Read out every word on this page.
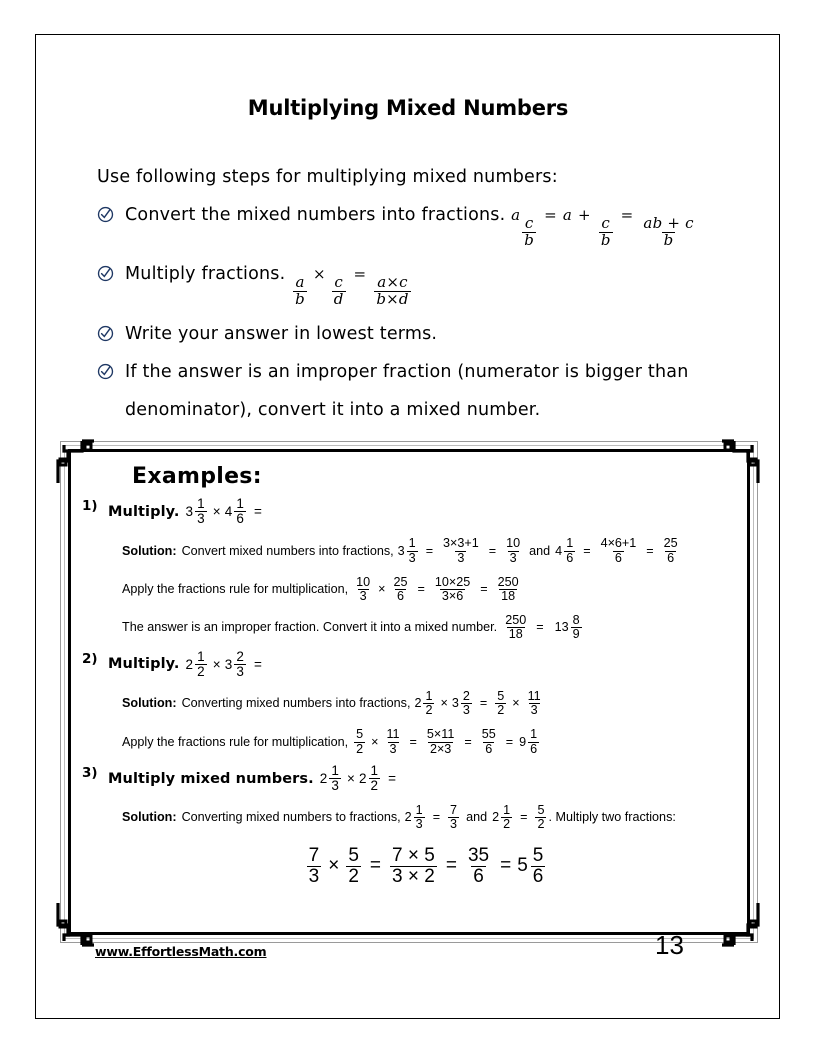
Multiplying Mixed Numbers
Use following steps for multiplying mixed numbers:
Convert the mixed numbers into fractions. a
$\frac{c}{b}$
= a +
$\frac{c}{b}$
=
$\frac{ab + c}{b}$
Multiply fractions.
$\frac{a}{b}$
×
$\frac{c}{d}$
=
$\frac{a\times c}{b\times d}$
Write your answer in lowest terms.
If the answer is an improper fraction (numerator is bigger than
denominator), convert it into a mixed number.
Examples:
1) Multiply. $3 \frac{1}{3} \times 4 \frac{1}{6}$ =
Solution: Convert mixed numbers into fractions, $3 \frac{1}{3} = \frac{3\times 3+1}{3} = \frac{10}{3}$ and $4 \frac{1}{6} = \frac{4\times 6+1}{6} = \frac{25}{6}$
Apply the fractions rule for multiplication, $\frac{10}{3} \times \frac{25}{6} = \frac{10\times 25}{3\times 6} = \frac{250}{18}$
The answer is an improper fraction. Convert it into a mixed number. $\frac{250}{18} = 13 \frac{8}{9}$
2) Multiply. $2 \frac{1}{2} \times 3 \frac{2}{3}$ =
Solution: Converting mixed numbers into fractions, $2 \frac{1}{2} \times 3 \frac{2}{3} = \frac{5}{2} \times \frac{11}{3}$
Apply the fractions rule for multiplication, $\frac{5}{2} \times \frac{11}{3} = \frac{5\times 11}{2\times 3} = \frac{55}{6} = 9 \frac{1}{6}$
3) Multiply mixed numbers. $2 \frac{1}{3} \times 2 \frac{1}{2}$ =
Solution: Converting mixed numbers to fractions, $2 \frac{1}{3} = \frac{7}{3}$ and $2 \frac{1}{2} = \frac{5}{2}$ . Multiply two fractions:
$\frac{7}{3} \times \frac{5}{2} = \frac{7 \times 5}{3 \times 2} = \frac{35}{6} = 5 \frac{5}{6}$
www.EffortlessMath.com	13
